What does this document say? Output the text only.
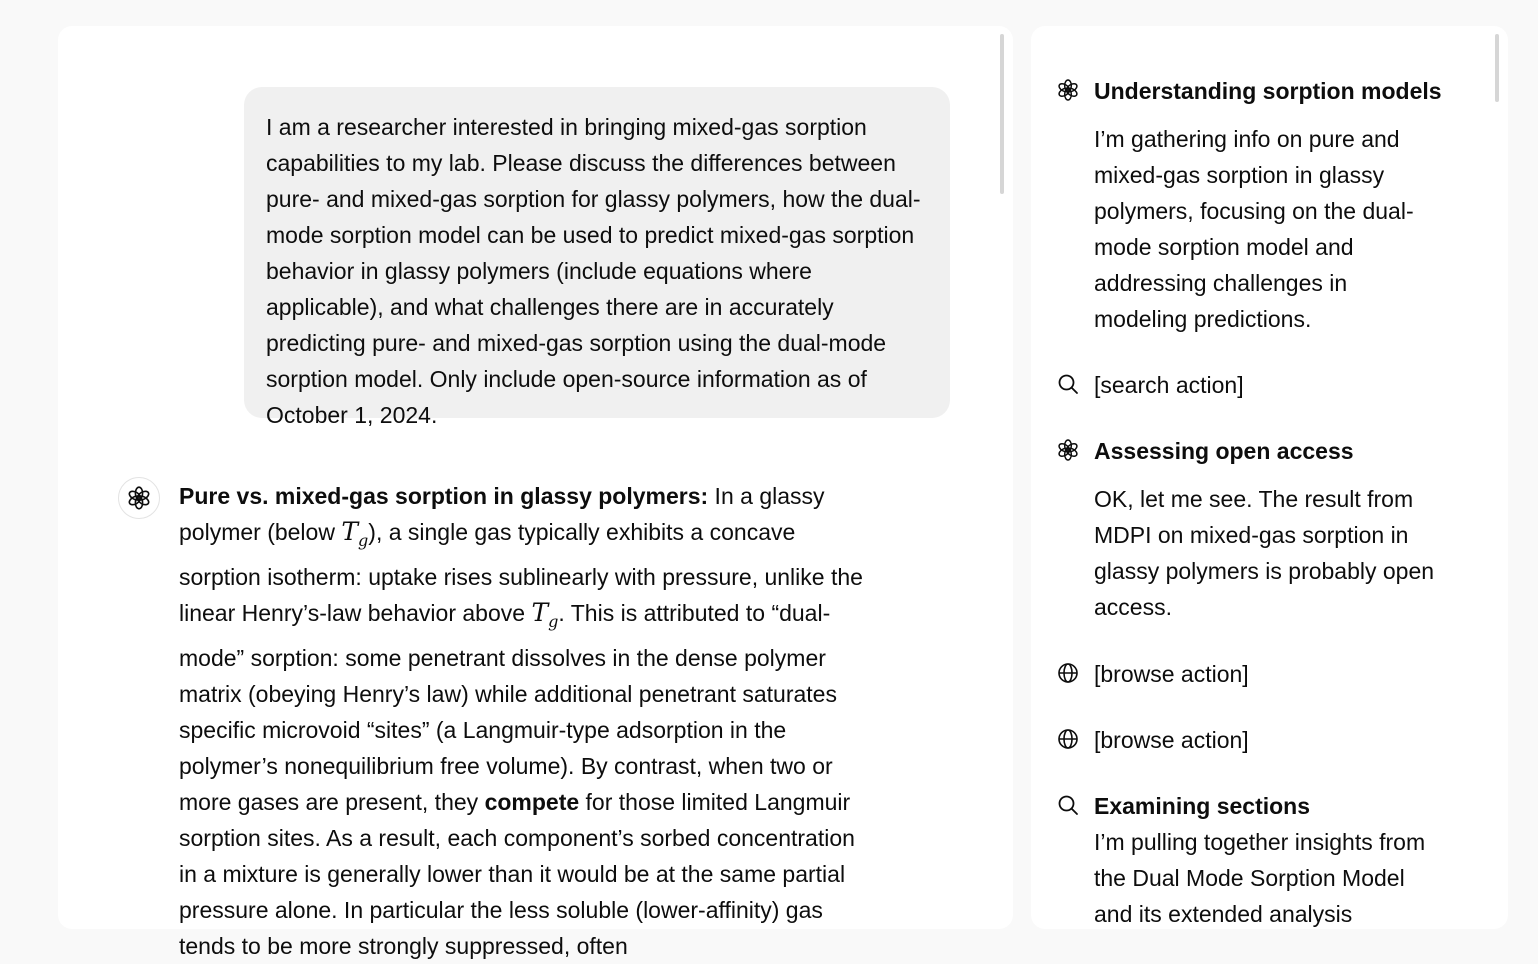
I am a researcher interested in bringing mixed-gas sorption capabilities to my lab. Please discuss the differences between pure- and mixed-gas sorption for glassy polymers, how the dual-mode sorption model can be used to predict mixed-gas sorption behavior in glassy polymers (include equations where applicable), and what challenges there are in accurately predicting pure- and mixed-gas sorption using the dual-mode sorption model. Only include open-source information as of October 1, 2024.
Pure vs. mixed-gas sorption in glassy polymers: In a glassy polymer (below $T_g$), a single gas typically exhibits a concave sorption isotherm: uptake rises sublinearly with pressure, unlike the linear Henry’s-law behavior above $T_g$. This is attributed to “dual-mode” sorption: some penetrant dissolves in the dense polymer matrix (obeying Henry’s law) while additional penetrant saturates specific microvoid “sites” (a Langmuir-type adsorption in the polymer’s nonequilibrium free volume). By contrast, when two or more gases are present, they compete for those limited Langmuir sorption sites. As a result, each component’s sorbed concentration in a mixture is generally lower than it would be at the same partial pressure alone. In particular the less soluble (lower-affinity) gas tends to be more strongly suppressed, often
Understanding sorption models
I’m gathering info on pure and mixed-gas sorption in glassy polymers, focusing on the dual-mode sorption model and addressing challenges in modeling predictions.
[search action]
Assessing open access
OK, let me see. The result from MDPI on mixed-gas sorption in glassy polymers is probably open access.
[browse action]
[browse action]
Examining sections
I’m pulling together insights from the Dual Mode Sorption Model and its extended analysis
